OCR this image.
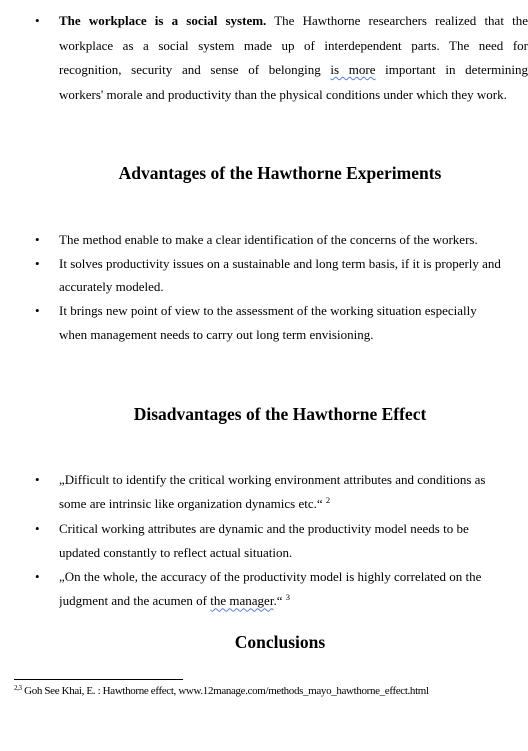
• The workplace is a social system. The Hawthorne researchers realized that the
workplace as a social system made up of interdependent parts. The need for
recognition, security and sense of belonging is more important in determining
workers' morale and productivity than the physical conditions under which they work.
Advantages of the Hawthorne Experiments
• The method enable to make a clear identification of the concerns of the workers.
• It solves productivity issues on a sustainable and long term basis, if it is properly and
accurately modeled.
• It brings new point of view to the assessment of the working situation especially
when management needs to carry out long term envisioning.
Disadvantages of the Hawthorne Effect
• „Difficult to identify the critical working environment attributes and conditions as
some are intrinsic like organization dynamics etc.“ $^2$
• Critical working attributes are dynamic and the productivity model needs to be
updated constantly to reflect actual situation.
• „On the whole, the accuracy of the productivity model is highly correlated on the
judgment and the acumen of the manager.“ $^3$
Conclusions
$^{2,3}$ Goh See Khai, E. : Hawthorne effect, www.12manage.com/methods_mayo_hawthorne_effect.html
